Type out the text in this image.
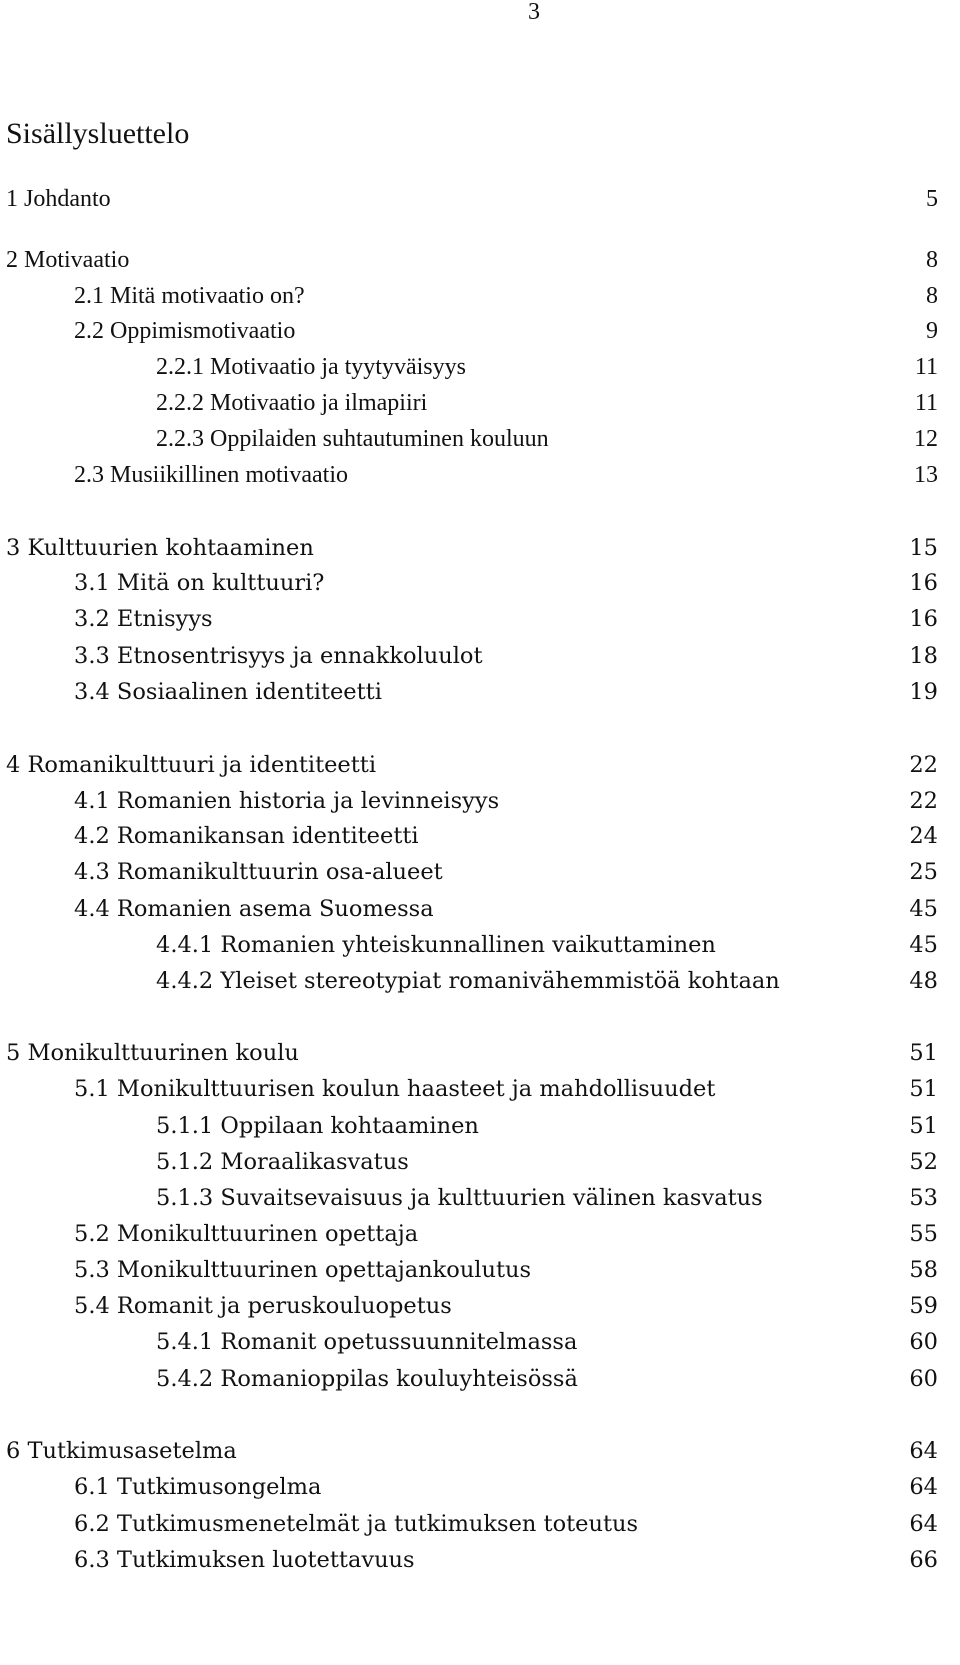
3
Sisällysluettelo
1 Johdanto	5
2 Motivaatio	8
2.1 Mitä motivaatio on?	8
2.2 Oppimismotivaatio	9
2.2.1 Motivaatio ja tyytyväisyys	11
2.2.2 Motivaatio ja ilmapiiri	11
2.2.3 Oppilaiden suhtautuminen kouluun	12
2.3 Musiikillinen motivaatio	13
3 Kulttuurien kohtaaminen	15
3.1 Mitä on kulttuuri?	16
3.2 Etnisyys	16
3.3 Etnosentrisyys ja ennakkoluulot	18
3.4 Sosiaalinen identiteetti	19
4 Romanikulttuuri ja identiteetti	22
4.1 Romanien historia ja levinneisyys	22
4.2 Romanikansan identiteetti	24
4.3 Romanikulttuurin osa-alueet	25
4.4 Romanien asema Suomessa	45
4.4.1 Romanien yhteiskunnallinen vaikuttaminen	45
4.4.2 Yleiset stereotypiat romanivähemmistöä kohtaan	48
5 Monikulttuurinen koulu	51
5.1 Monikulttuurisen koulun haasteet ja mahdollisuudet	51
5.1.1 Oppilaan kohtaaminen	51
5.1.2 Moraalikasvatus	52
5.1.3 Suvaitsevaisuus ja kulttuurien välinen kasvatus	53
5.2 Monikulttuurinen opettaja	55
5.3 Monikulttuurinen opettajankoulutus	58
5.4 Romanit ja peruskouluopetus	59
5.4.1 Romanit opetussuunnitelmassa	60
5.4.2 Romanioppilas kouluyhteisössä	60
6 Tutkimusasetelma	64
6.1 Tutkimusongelma	64
6.2 Tutkimusmenetelmät ja tutkimuksen toteutus	64
6.3 Tutkimuksen luotettavuus	66
